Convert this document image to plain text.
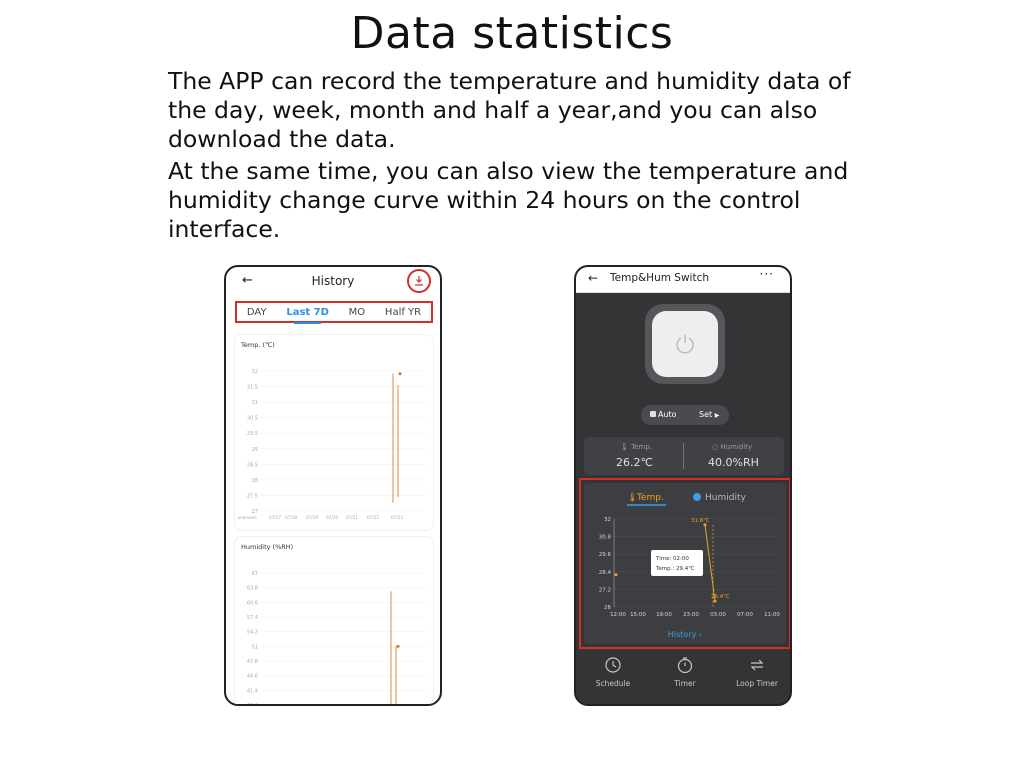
Data statistics
The APP can record the temperature and humidity data of the day, week, month and half a year,and you can also download the data.
At the same time, you can also view the temperature and humidity change curve within 24 hours on the control interface.
←	History
DAY Last 7D MO Half YR
Temp. (℃)
32
31.5
31
30.5
29.5
29
28.5
28
27.5
27
unknown	07/17 07/18 07/19 07/20 07/21 07/22	07/23
Humidity (%RH)
67
63.8
60.6
57.4
54.2
51
47.8
44.6
41.4
38.2
← Temp&Hum Switch	···
Auto	Set ▶
🌡︎ Temp.
26.2℃
○ Humidity
40.0%RH
🌡︎ Temp.	Humidity
32
30.8
29.6
28.4
27.2
26
12:00 15:00 19:00 23:00 03:00 07:00 11:00
31.6℃
26.4℃
Time: 02:00
Temp.: 29.4℃
History ›
Schedule	Timer	Loop Timer
